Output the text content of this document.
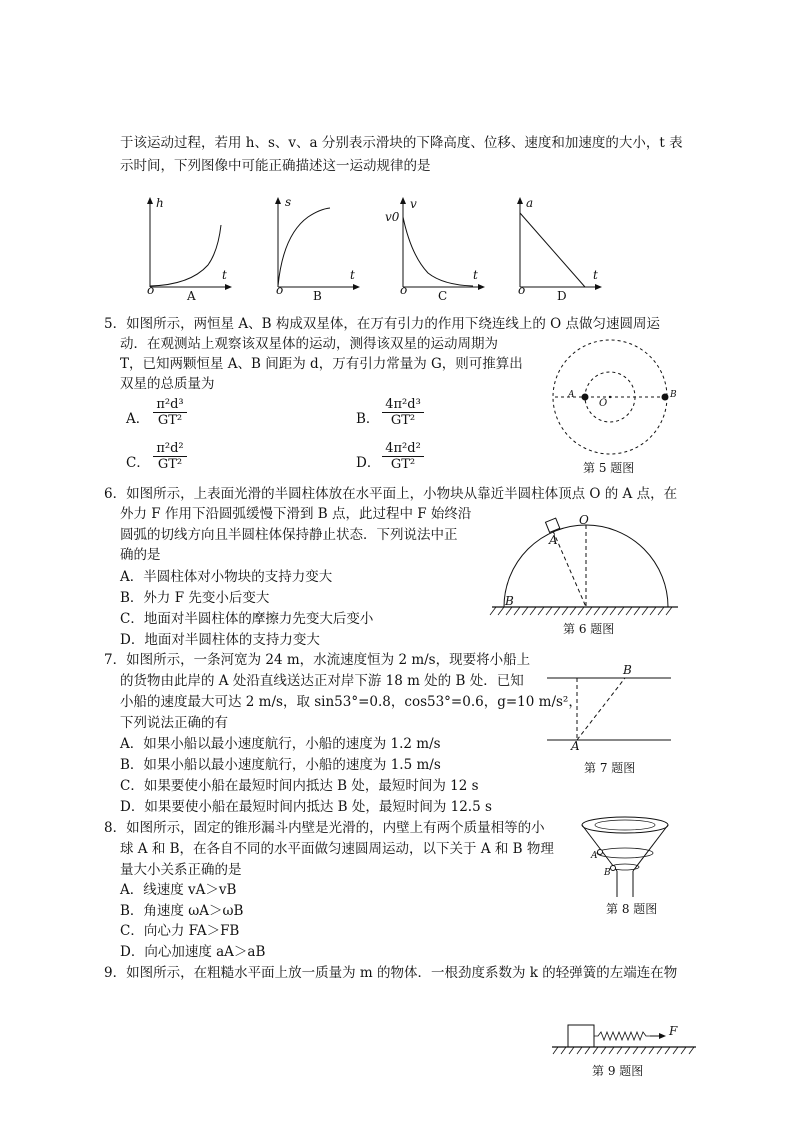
于该运动过程，若用 h、s、v、a 分别表示滑块的下降高度、位移、速度和加速度的大小，t 表
示时间，下列图像中可能正确描述这一运动规律的是
h
t
o	A
s
t
o B
v
v0
t
o	C
a
t
o	D
5．如图所示，两恒星 A、B 构成双星体，在万有引力的作用下绕连线上的 O 点做匀速圆周运
动．在观测站上观察该双星体的运动，测得该双星的运动周期为
T，已知两颗恒星 A、B 间距为 d，万有引力常量为 G，则可推算出
双星的总质量为
A． $\frac{\text{π²d³}}{\text{GT²}}$	B． $\frac{\text{4π²d³}}{\text{GT²}}$
C． $\frac{\text{π²d²}}{\text{GT²}}$	D． $\frac{\text{4π²d²}}{\text{GT²}}$
A
O
B
第 5 题图
6．如图所示，上表面光滑的半圆柱体放在水平面上，小物块从靠近半圆柱体顶点 O 的 A 点，在
外力 F 作用下沿圆弧缓慢下滑到 B 点，此过程中 F 始终沿
圆弧的切线方向且半圆柱体保持静止状态．下列说法中正
确的是
A．半圆柱体对小物块的支持力变大
B．外力 F 先变小后变大
C．地面对半圆柱体的摩擦力先变大后变小
D．地面对半圆柱体的支持力变大
O
A
B
第 6 题图
7．如图所示，一条河宽为 24 m，水流速度恒为 2 m/s，现要将小船上
的货物由此岸的 A 处沿直线送达正对岸下游 18 m 处的 B 处．已知
小船的速度最大可达 2 m/s，取 sin53°=0.8，cos53°=0.6，g=10 m/s²，
下列说法正确的有
A．如果小船以最小速度航行，小船的速度为 1.2 m/s
B．如果小船以最小速度航行，小船的速度为 1.5 m/s
C．如果要使小船在最短时间内抵达 B 处，最短时间为 12 s
D．如果要使小船在最短时间内抵达 B 处，最短时间为 12.5 s
B
A
第 7 题图
8．如图所示，固定的锥形漏斗内壁是光滑的，内壁上有两个质量相等的小
球 A 和 B，在各自不同的水平面做匀速圆周运动，以下关于 A 和 B 物理
量大小关系正确的是
A．线速度 vA＞vB
B．角速度 ωA＞ωB
C．向心力 FA＞FB
D．向心加速度 aA＞aB
A
B
第 8 题图
9．如图所示，在粗糙水平面上放一质量为 m 的物体．一根劲度系数为 k 的轻弹簧的左端连在物
F
第 9 题图
